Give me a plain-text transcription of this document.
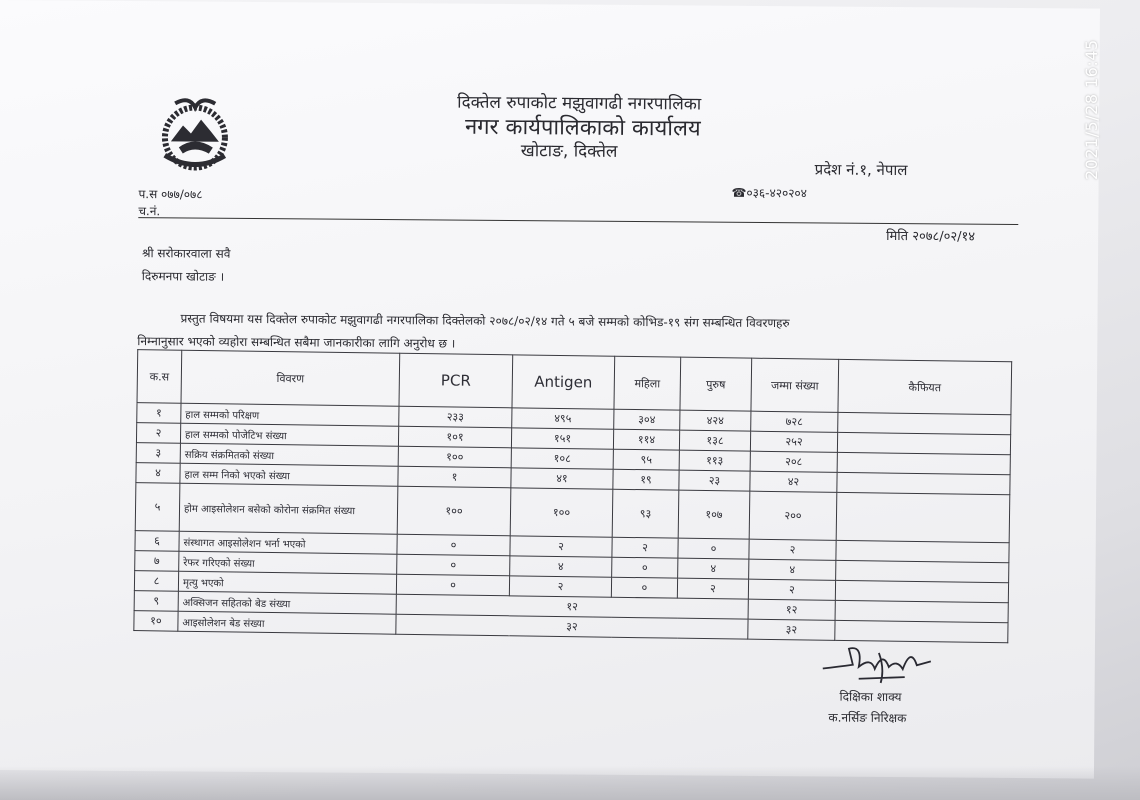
दिक्तेल रुपाकोट मझुवागढी नगरपालिका
नगर कार्यपालिकाको कार्यालय
खोटाङ, दिक्तेल
प्रदेश नं.१, नेपाल
☎०३६-४२०२०४
प.स ०७७/०७८
च.नं.
मिति २०७८/०२/१४
श्री सरोकारवाला सवै
दिरुमनपा खोटाङ ।
प्रस्तुत विषयमा यस दिक्तेल रुपाकोट मझुवागढी नगरपालिका दिक्तेलको २०७८/०२/१४ गते ५ बजे सम्मको कोभिड-१९ संग सम्बन्धित विवरणहरु
निम्नानुसार भएको व्यहोरा सम्बन्धित सबैमा जानकारीका लागि अनुरोध छ ।
क.स	विवरण	PCR	Antigen	महिला	पुरुष	जम्मा संख्या	कैफियत
१	हाल सम्मको परिक्षण	२३३	४९५	३०४	४२४	७२८	
२	हाल सम्मको पोजेटिभ संख्या	१०१	१५१	११४	१३८	२५२	
३	सक्रिय संक्रमितको संख्या	१००	१०८	९५	११३	२०८	
४	हाल सम्म निको भएको संख्या	१	४१	१९	२३	४२	
५	होम आइसोलेशन बसेको कोरोना संक्रमित संख्या	१००	१००	९३	१०७	२००	
६	संस्थागत आइसोलेशन भर्ना भएको	०	२	२	०	२	
७	रेफर गरिएको संख्या	०	४	०	४	४	
८	मृत्यु भएको	०	२	०	२	२	
९	अक्सिजन सहितको बेड संख्या	१२				१२	
१०	आइसोलेशन बेड संख्या	३२				३२	
दिक्षिका शाक्य
क.नर्सिङ निरिक्षक
